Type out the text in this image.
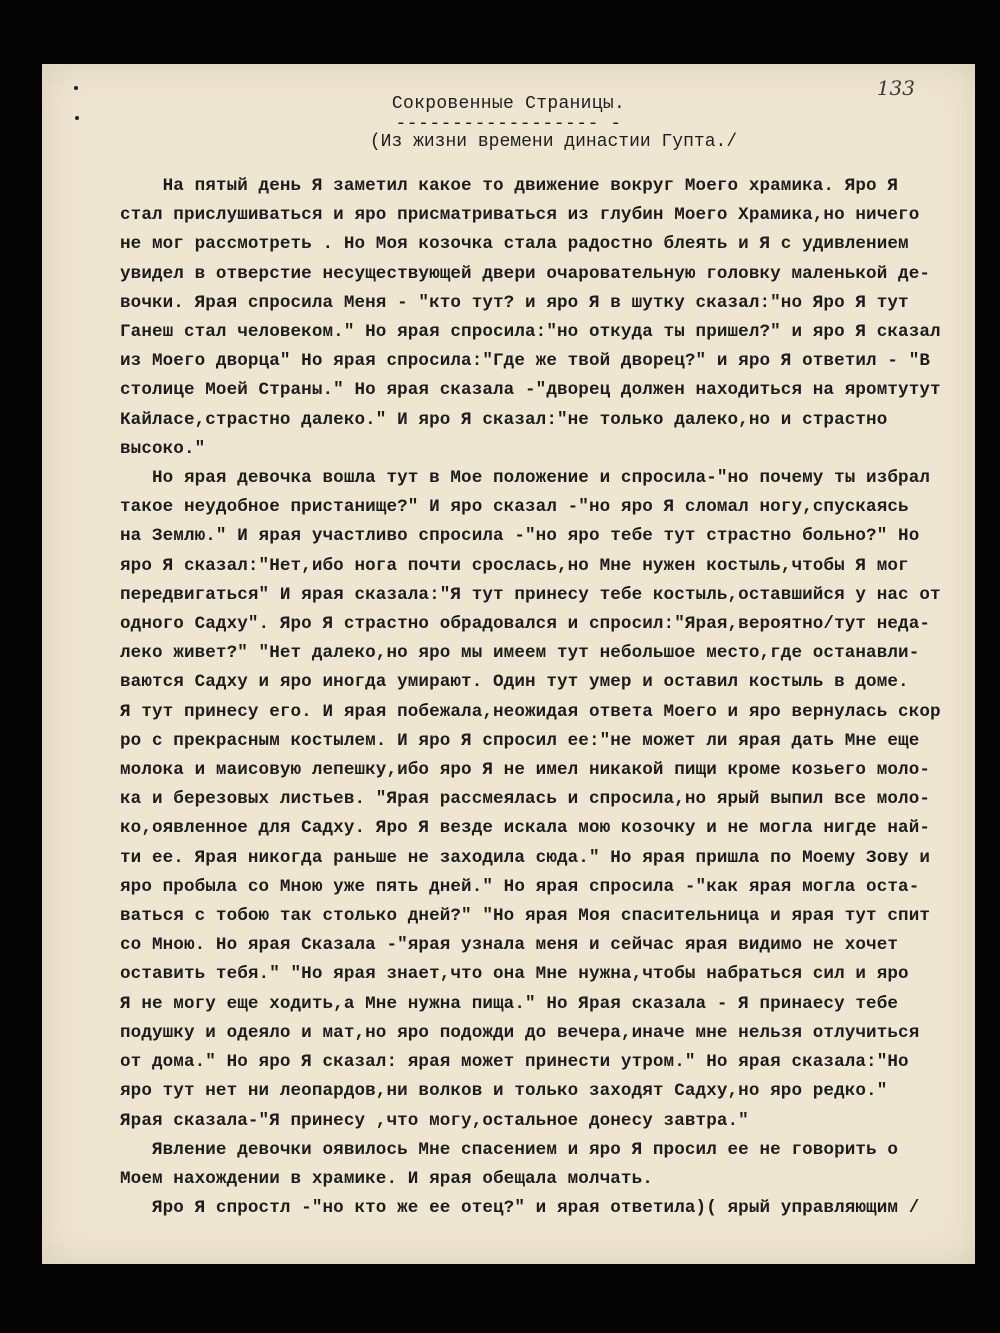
133
Сокровенные Страницы.
------------------ -
(Из жизни времени династии Гупта./
На пятый день Я заметил какое то движение вокруг Моего храмика. Яро Я
стал прислушиваться и яро присматриваться из глубин Моего Храмика,но ничего
не мог рассмотреть . Но Моя козочка стала радостно блеять и Я с удивлением
увидел в отверстие несуществующей двери очаровательную головку маленькой де-
вочки. Ярая спросила Меня - "кто тут? и яро Я в шутку сказал:"но Яро Я тут
Ганеш стал человеком." Но ярая спросила:"но откуда ты пришел?" и яро Я сказал
из Моего дворца" Но ярая спросила:"Где же твой дворец?" и яро Я ответил - "В
столице Моей Страны." Но ярая сказала -"дворец должен находиться на яромтутут
Кайласе,страстно далеко." И яро Я сказал:"не только далеко,но и страстно
высоко."
Но ярая девочка вошла тут в Мое положение и спросила-"но почему ты избрал
такое неудобное пристанище?" И яро сказал -"но яро Я сломал ногу,спускаясь
на Землю." И ярая участливо спросила -"но яро тебе тут страстно больно?" Но
яро Я сказал:"Нет,ибо нога почти срослась,но Мне нужен костыль,чтобы Я мог
передвигаться" И ярая сказала:"Я тут принесу тебе костыль,оставшийся у нас от
одного Садху". Яро Я страстно обрадовался и спросил:"Ярая,вероятно/тут неда-
леко живет?" "Нет далеко,но яро мы имеем тут небольшое место,где останавли-
ваются Садху и яро иногда умирают. Один тут умер и оставил костыль в доме.
Я тут принесу его. И ярая побежала,неожидая ответа Моего и яро вернулась скор
ро с прекрасным костылем. И яро Я спросил ее:"не может ли ярая дать Мне еще
молока и маисовую лепешку,ибо яро Я не имел никакой пищи кроме козьего моло-
ка и березовых листьев. "Ярая рассмеялась и спросила,но ярый выпил все моло-
ко,оявленное для Садху. Яро Я везде искала мою козочку и не могла нигде най-
ти ее. Ярая никогда раньше не заходила сюда." Но ярая пришла по Моему Зову и
яро пробыла со Мною уже пять дней." Но ярая спросила -"как ярая могла оста-
ваться с тобою так столько дней?" "Но ярая Моя спасительница и ярая тут спит
со Мною. Но ярая Сказала -"ярая узнала меня и сейчас ярая видимо не хочет
оставить тебя." "Но ярая знает,что она Мне нужна,чтобы набраться сил и яро
Я не могу еще ходить,а Мне нужна пища." Но Ярая сказала - Я принаесу тебе
подушку и одеяло и мат,но яро подожди до вечера,иначе мне нельзя отлучиться
от дома." Но яро Я сказал: ярая может принести утром." Но ярая сказала:"Но
яро тут нет ни леопардов,ни волков и только заходят Садху,но яро редко."
Ярая сказала-"Я принесу ,что могу,остальное донесу завтра."
Явление девочки оявилось Мне спасением и яро Я просил ее не говорить о
Моем нахождении в храмике. И ярая обещала молчать.
Яро Я спростл -"но кто же ее отец?" и ярая ответила)( ярый управляющим /
